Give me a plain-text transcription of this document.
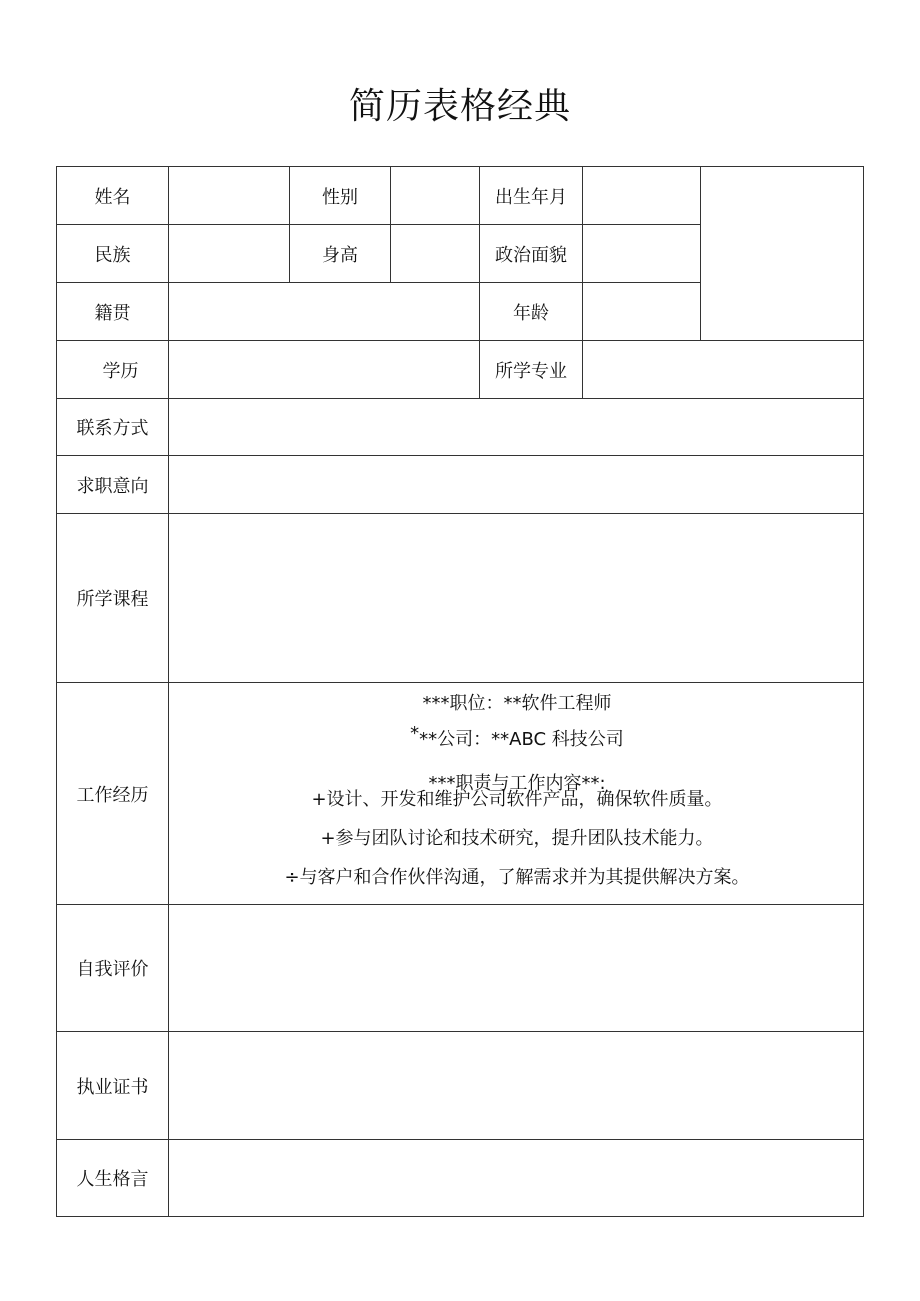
简历表格经典
姓名	性别	出生年月
民族	身高	政治面貌
籍贯	年龄
学历	所学专业
联系方式
求职意向
所学课程
工作经历
***职位：**软件工程师
***公司：**ABC 科技公司
***职责与工作内容**:
+设计、开发和维护公司软件产品，确保软件质量。
+参与团队讨论和技术研究，提升团队技术能力。
÷与客户和合作伙伴沟通，了解需求并为其提供解决方案。
自我评价
执业证书
人生格言
